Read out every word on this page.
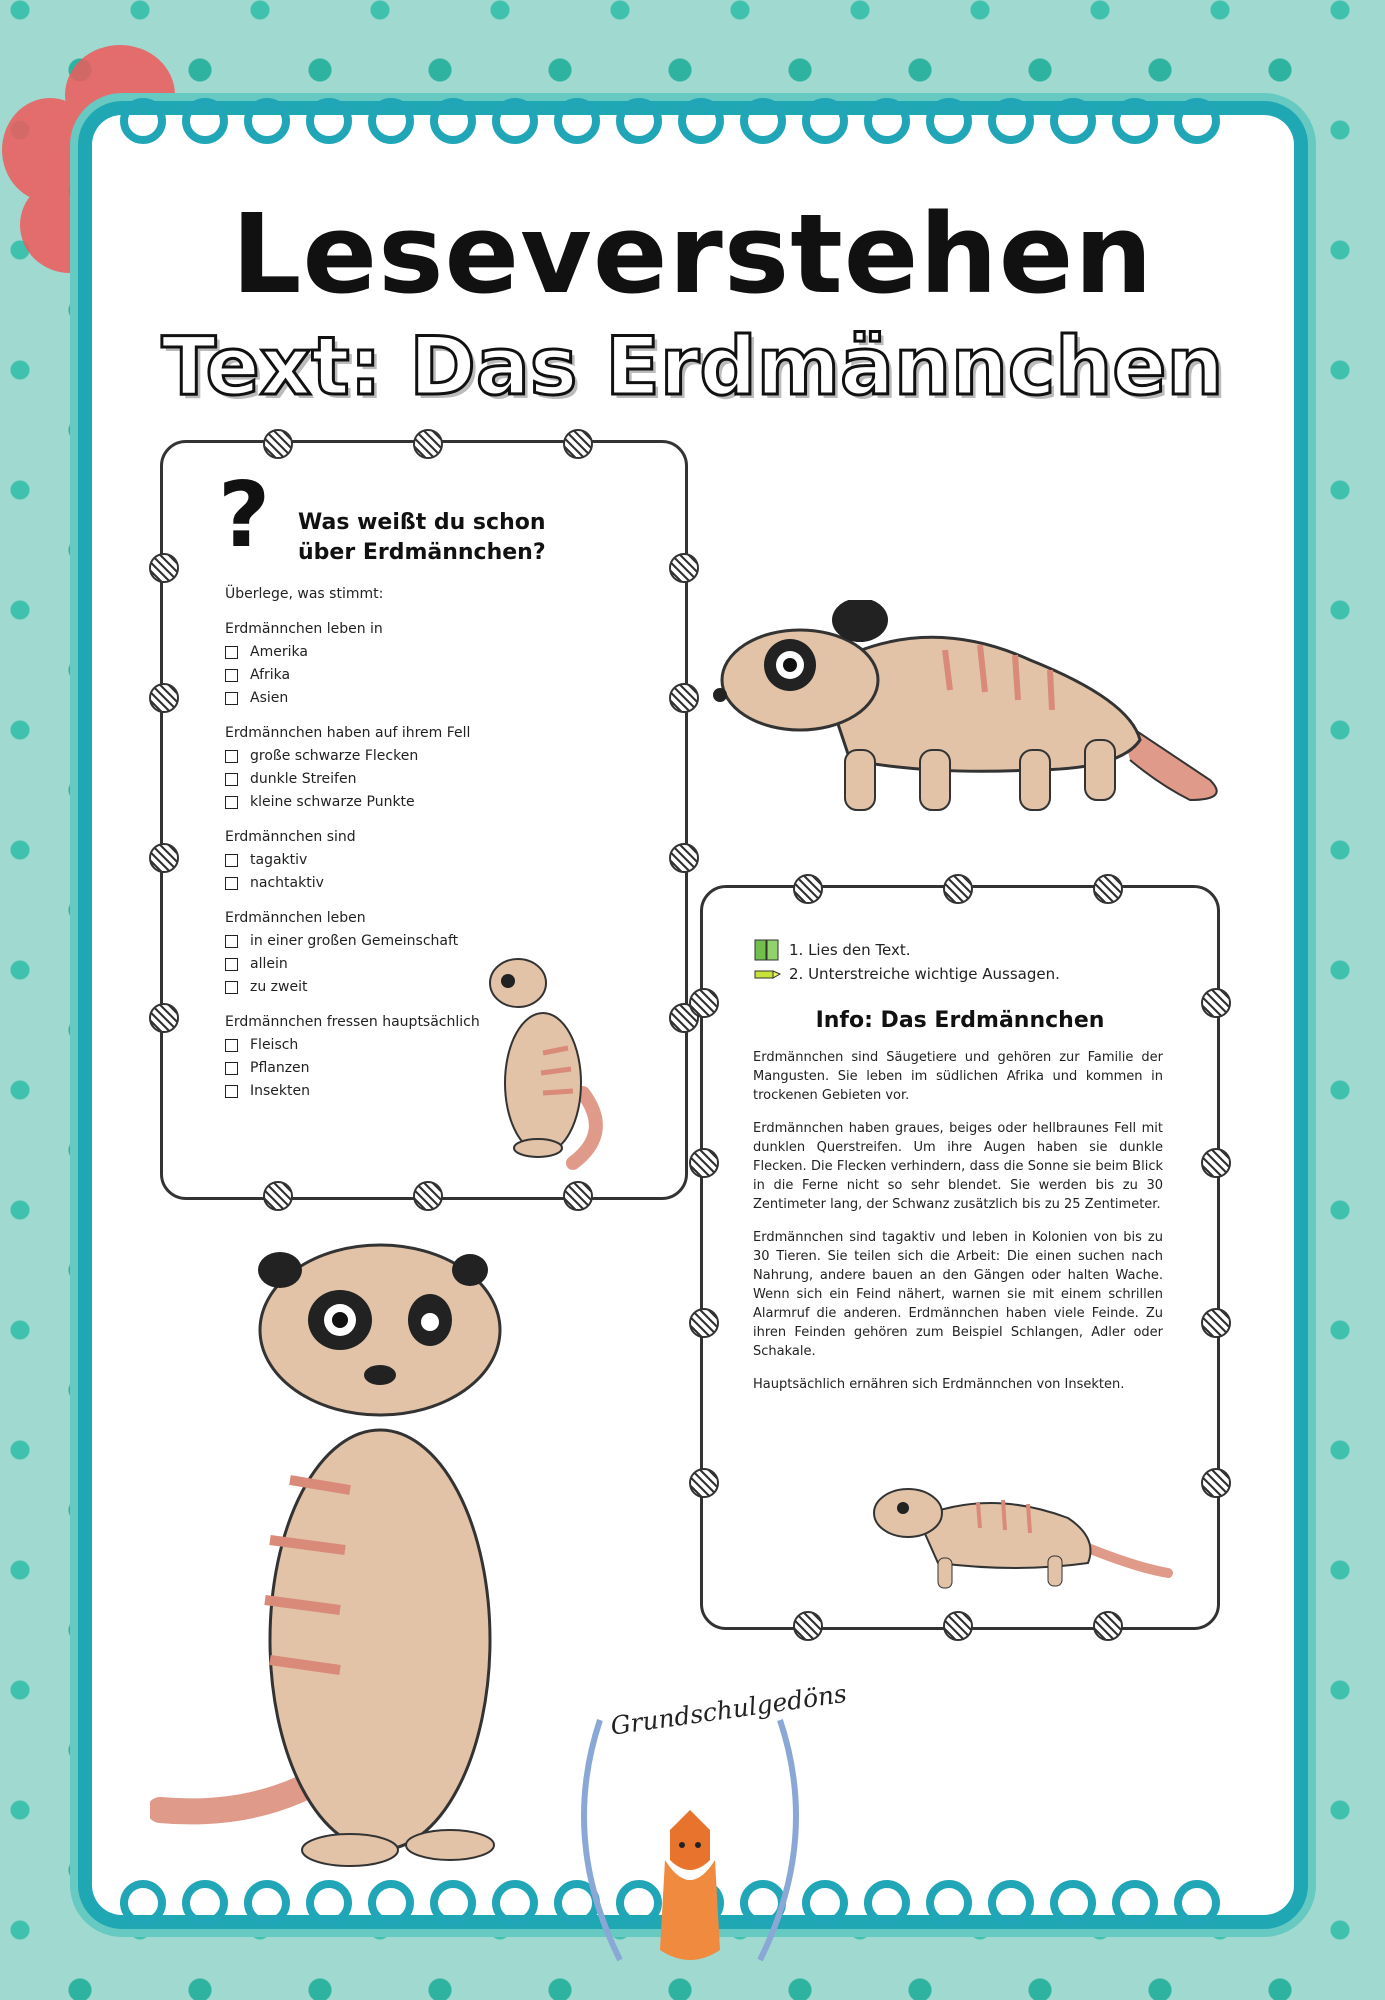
Leseverstehen
Text: Das Erdmännchen
? Was weißt du schon
über Erdmännchen?
Überlege, was stimmt:
Erdmännchen leben in
Amerika
Afrika
Asien
Erdmännchen haben auf ihrem Fell
große schwarze Flecken
dunkle Streifen
kleine schwarze Punkte
Erdmännchen sind
tagaktiv
nachtaktiv
Erdmännchen leben
in einer großen Gemeinschaft
allein
zu zweit
Erdmännchen fressen hauptsächlich
Fleisch
Pflanzen
Insekten
1. Lies den Text.
2. Unterstreiche wichtige Aussagen.
Info: Das Erdmännchen

Erdmännchen sind Säugetiere und gehören zur Familie der Mangusten. Sie leben im südlichen Afrika und kommen in trockenen Gebieten vor.

Erdmännchen haben graues, beiges oder hellbraunes Fell mit dunklen Querstreifen. Um ihre Augen haben sie dunkle Flecken. Die Flecken verhindern, dass die Sonne sie beim Blick in die Ferne nicht so sehr blendet. Sie werden bis zu 30 Zentimeter lang, der Schwanz zusätzlich bis zu 25 Zentimeter.

Erdmännchen sind tagaktiv und leben in Kolonien von bis zu 30 Tieren. Sie teilen sich die Arbeit: Die einen suchen nach Nahrung, andere bauen an den Gängen oder halten Wache. Wenn sich ein Feind nähert, warnen sie mit einem schrillen Alarmruf die anderen. Erdmännchen haben viele Feinde. Zu ihren Feinden gehören zum Beispiel Schlangen, Adler oder Schakale.

Hauptsächlich ernähren sich Erdmännchen von Insekten.

Grundschulgedöns
